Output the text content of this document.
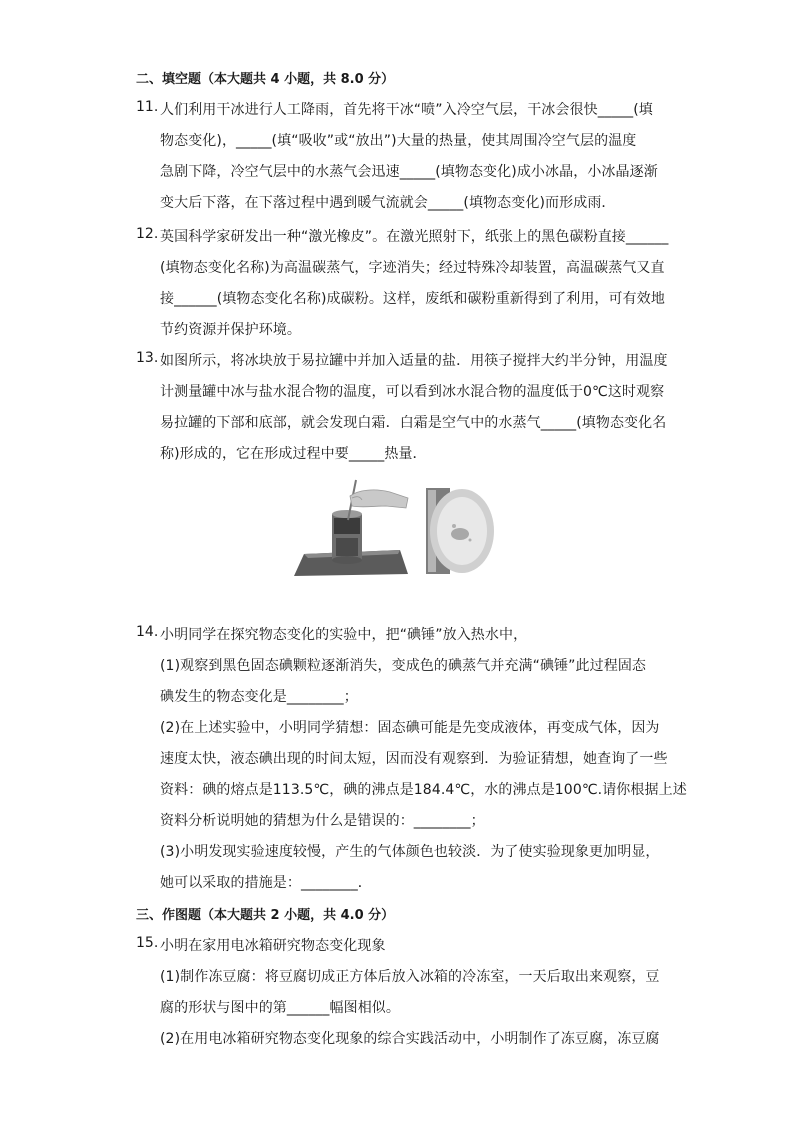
二、填空题（本大题共 4 小题，共 8.0 分）
11. 人们利用干冰进行人工降雨，首先将干冰“喷”入冷空气层，干冰会很快_____(填
物态变化)，_____(填“吸收”或“放出”)大量的热量，使其周围冷空气层的温度
急剧下降，冷空气层中的水蒸气会迅速_____(填物态变化)成小冰晶，小冰晶逐渐
变大后下落，在下落过程中遇到暖气流就会_____(填物态变化)而形成雨．
12. 英国科学家研发出一种“激光橡皮”。在激光照射下，纸张上的黑色碳粉直接______
(填物态变化名称)为高温碳蒸气，字迹消失；经过特殊冷却装置，高温碳蒸气又直
接______(填物态变化名称)成碳粉。这样，废纸和碳粉重新得到了利用，可有效地
节约资源并保护环境。
13. 如图所示，将冰块放于易拉罐中并加入适量的盐．用筷子搅拌大约半分钟，用温度
计测量罐中冰与盐水混合物的温度，可以看到冰水混合物的温度低于0℃这时观察
易拉罐的下部和底部，就会发现白霜．白霜是空气中的水蒸气_____(填物态变化名
称)形成的，它在形成过程中要_____热量．
14. 小明同学在探究物态变化的实验中，把“碘锤”放入热水中，
(1)观察到黑色固态碘颗粒逐渐消失，变成色的碘蒸气并充满“碘锤”此过程固态
碘发生的物态变化是________；
(2)在上述实验中，小明同学猜想：固态碘可能是先变成液体，再变成气体，因为
速度太快，液态碘出现的时间太短，因而没有观察到．为验证猜想，她查询了一些
资料：碘的熔点是113.5℃，碘的沸点是184.4℃，水的沸点是100℃.请你根据上述
资料分析说明她的猜想为什么是错误的：________；
(3)小明发现实验速度较慢，产生的气体颜色也较淡．为了使实验现象更加明显，
她可以采取的措施是：________．
三、作图题（本大题共 2 小题，共 4.0 分）
15. 小明在家用电冰箱研究物态变化现象
(1)制作冻豆腐：将豆腐切成正方体后放入冰箱的冷冻室，一天后取出来观察，豆
腐的形状与图中的第______幅图相似。
(2)在用电冰箱研究物态变化现象的综合实践活动中，小明制作了冻豆腐，冻豆腐
